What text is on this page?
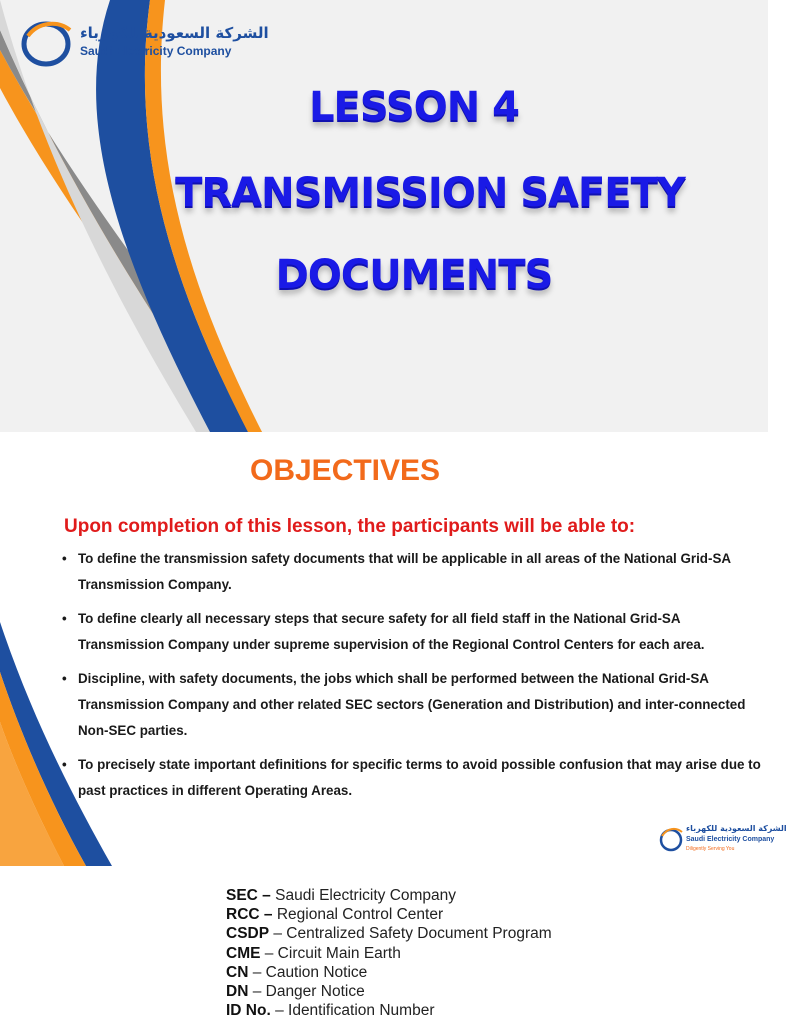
الشركة السعودية للكهرباء
Saudi Electricity Company
LESSON 4
TRANSMISSION SAFETY
DOCUMENTS
OBJECTIVES
Upon completion of this lesson, the participants will be able to:
• To define the transmission safety documents that will be applicable in all areas of the National Grid-SA Transmission Company.
• To define clearly all necessary steps that secure safety for all field staff in the National Grid-SA Transmission Company under supreme supervision of the Regional Control Centers for each area.
• Discipline, with safety documents, the jobs which shall be performed between the National Grid-SA Transmission Company and other related SEC sectors (Generation and Distribution) and inter-connected Non-SEC parties.
• To precisely state important definitions for specific terms to avoid possible confusion that may arise due to past practices in different Operating Areas.
الشركة السعودية للكهرباء
Saudi Electricity Company
Diligently Serving You
SEC – Saudi Electricity Company
RCC – Regional Control Center
CSDP – Centralized Safety Document Program
CME – Circuit Main Earth
CN – Caution Notice
DN – Danger Notice
ID No. – Identification Number
